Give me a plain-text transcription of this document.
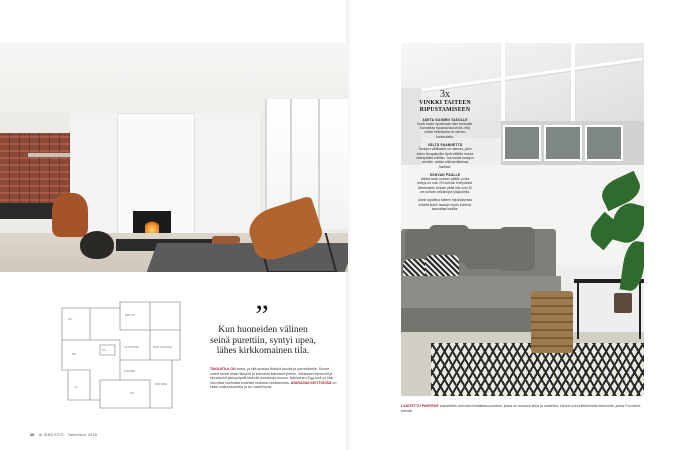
WC
KEITTIÖ
OLOHUONE	MAKUUHUONE
MH
KH
PARVEKE
ETEINEN
VH
WC
”
Kun huoneiden välinen
seinä purettiin, syntyi upea,
lähes kirkkomainen tila.
TAKKATILA ON avara, ja sitä aukeaa lähinnä tasolta ja parvekkeelle. Suuret matot tuovat tilaan lämpöä ja kokoavat kalusteet yhteen. Nahkaiset lepotuolit ja sinnetkohti pikkupöydät tekevät huoneesta rennon. Nahkainen Egg-tuoli on yksi harvoista vanhoista kodeista mukana muuttaneista. AVARASSA KEITTIÖSSÄ on kaksi makuuhuonetta ja iso vaatehuone.
26 ALISSA KOTI · Tammikuu 2018
3x
VINKKI TAITEEN
RIPUSTAMISEEN
ASETA SILMIEN TASOLLE
Useiti taulut ripustetaan liian korkealle. Kannattaa ripustaa taulut niin, että niiden keskikohta on silmien korkeudella.
VÄLTÄ PAANNETTÄ
Taulujen välitilaisiin on varmaa, jokin kohta ilmapaikoilla hyvä välittää monta seinäpäällä erillään. Jos haluat taulujen seinälle, valitse että tarvittaessa hankkia.
SOHVAN PÄÄLLE
Valitse taulu sohvan päälle, jonka leveys on noin 2/3 sohvan leveydestä. Alimmaisen reunan pitää olla noin 20 cm sohvan selkänojan yläpuolella.
Usein tapahtuu taiteen ripustuksessa virheitä kuten taulujen hyvin korkeat, kannattaa harkita.
LASITETTU PARVEKE kalustettiin rennoksi lisälattiahuoneeksi, jossa on mukava istua ja lueskella. Henrin suunnittelemalla istuimella, jonka Formverk toteutti.
